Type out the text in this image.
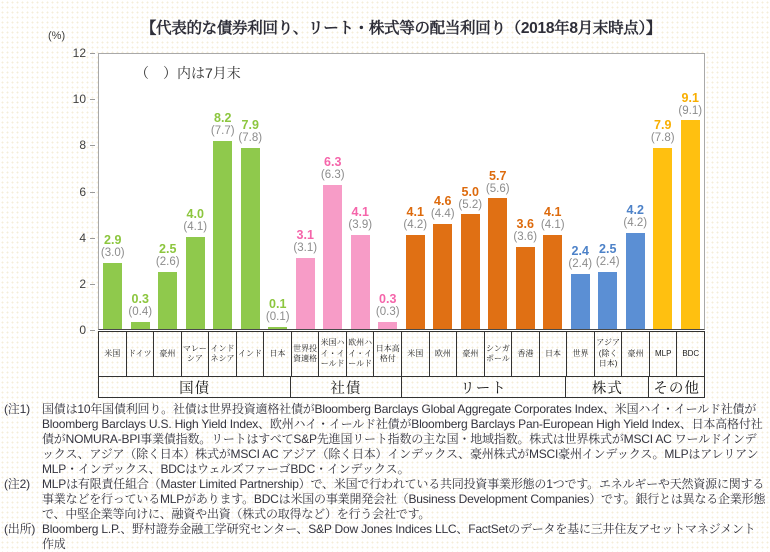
【代表的な債券利回り、リート・株式等の配当利回り（2018年8月末時点）】
(%)
0
2
4
6
8
10
12
（　）内は7月末
2.9
(3.0)
0.3
(0.4)
2.5
(2.6)
4.0
(4.1)
8.2
(7.7) 7.9
(7.8)
0.1
(0.1)
3.1
(3.1)
6.3
(6.3)
4.1
(3.9)
0.3
(0.3)
4.1
(4.2)
4.6
(4.4)
5.0
(5.2)
5.7
(5.6)
3.6
(3.6)
4.1
(4.1)
2.4
(2.4)
2.5
(2.4)
4.2
(4.2)
7.9
(7.8)
9.1
(9.1)
米国 ドイツ 豪州
マレーシア
インドネシア
インド 日本
世界投資適格
米国ハイ・イールド
欧州ハイ・イールド
日本高格付
米国	欧州	豪州
シンガポール
香港	日本	世界
アジア(除く日本)
豪州	MLP	BDC
国債	社債	リート	株式	その他
(注1)	国債は10年国債利回り。社債は世界投資適格社債がBloomberg Barclays Global Aggregate Corporates Index、米国ハイ・イールド社債がBloomberg Barclays U.S. High Yield Index、欧州ハイ・イールド社債がBloomberg Barclays Pan-European High Yield Index、日本高格付社債がNOMURA-BPI事業債指数。リートはすべてS&P先進国リート指数の主な国・地域指数。株式は世界株式がMSCI AC ワールドインデックス、アジア（除く日本）株式がMSCI AC アジア（除く日本）インデックス、豪州株式がMSCI豪州インデックス。MLPはアレリアンMLP・インデックス、BDCはウェルズファーゴBDC・インデックス。
(注2)	MLPは有限責任組合（Master Limited Partnership）で、米国で行われている共同投資事業形態の1つです。エネルギーや天然資源に関する事業などを行っているMLPがあります。BDCは米国の事業開発会社（Business Development Companies）です。銀行とは異なる企業形態で、中堅企業等向けに、融資や出資（株式の取得など）を行う会社です。
(出所) Bloomberg L.P.、野村證券金融工学研究センター、S&P Dow Jones Indices LLC、FactSetのデータを基に三井住友アセットマネジメント作成
